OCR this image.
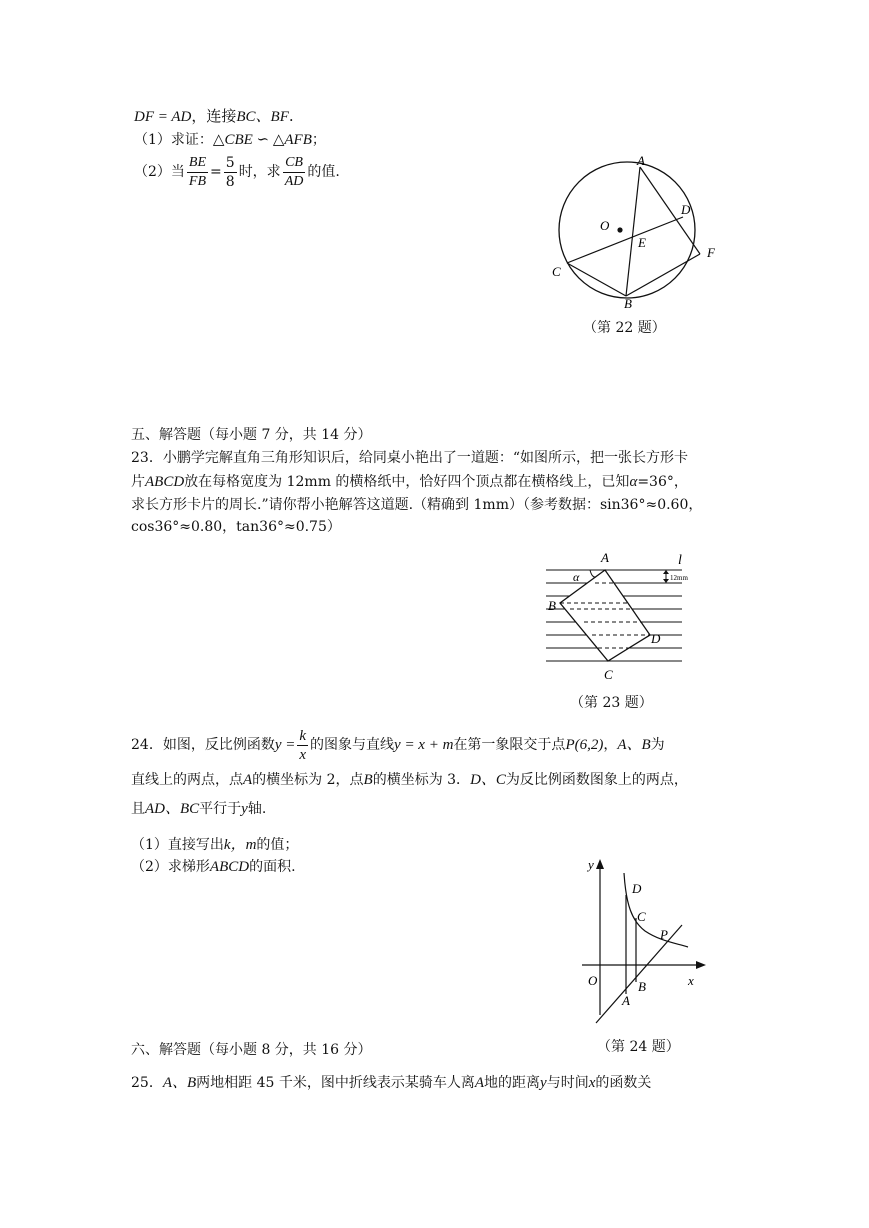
DF = AD，连接BC、BF.
（1）求证：△CBE ∽ △AFB；
（2）当 $\frac{BE}{FB} = \frac{5}{8}$ 时，求 $\frac{CB}{AD}$ 的值.
A
D
O
E
F
C
B
（第 22 题）
五、解答题（每小题 7 分，共 14 分）
23．小鹏学完解直角三角形知识后，给同桌小艳出了一道题：“如图所示，把一张长方形卡
片ABCD放在每格宽度为 12mm 的横格纸中，恰好四个顶点都在横格线上，已知α=36°，
求长方形卡片的周长.”请你帮小艳解答这道题.（精确到 1mm）（参考数据：sin36°≈0.60，
cos36°≈0.80，tan36°≈0.75）
A	l
α	12mm
B
D
C
（第 23 题）
24．如图，反比例函数$y = \frac{k}{x}$ 的图象与直线y = x + m在第一象限交于点P(6,2)，A、B为
直线上的两点，点A的横坐标为 2，点B的横坐标为 3．D、C为反比例函数图象上的两点，
且AD、BC平行于y轴.
（1）直接写出k，m的值；
（2）求梯形ABCD的面积.	y
D
C
P
O	x
B
A
（第 24 题）
六、解答题（每小题 8 分，共 16 分）
25．A、B两地相距 45 千米，图中折线表示某骑车人离A地的距离y与时间x的函数关
